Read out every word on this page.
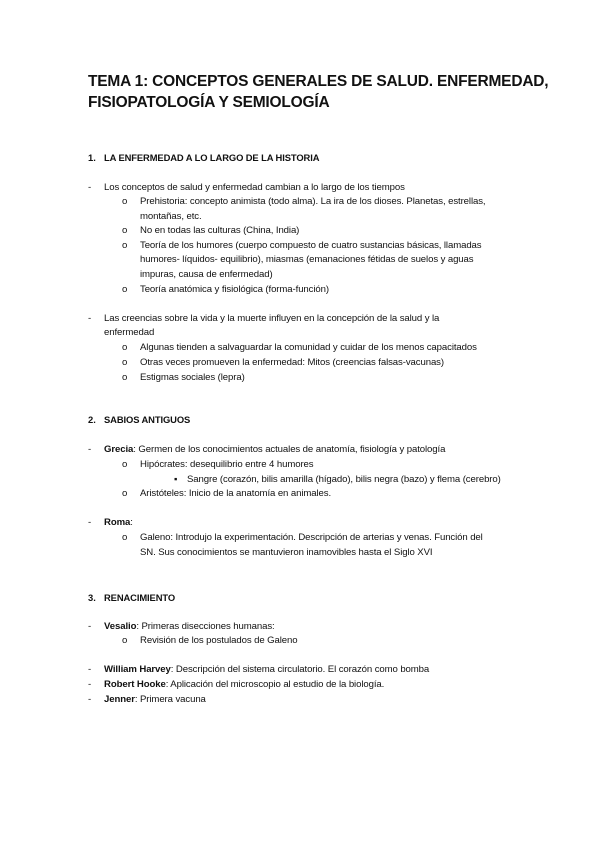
TEMA 1: CONCEPTOS GENERALES DE SALUD. ENFERMEDAD,
FISIOPATOLOGÍA Y SEMIOLOGÍA
1. LA ENFERMEDAD A LO LARGO DE LA HISTORIA
- Los conceptos de salud y enfermedad cambian a lo largo de los tiempos
o Prehistoria: concepto animista (todo alma). La ira de los dioses. Planetas, estrellas,
montañas, etc.
o No en todas las culturas (China, India)
o Teoría de los humores (cuerpo compuesto de cuatro sustancias básicas, llamadas
humores- líquidos- equilibrio), miasmas (emanaciones fétidas de suelos y aguas
impuras, causa de enfermedad)
o Teoría anatómica y fisiológica (forma-función)
- Las creencias sobre la vida y la muerte influyen en la concepción de la salud y la
enfermedad
o Algunas tienden a salvaguardar la comunidad y cuidar de los menos capacitados
o Otras veces promueven la enfermedad: Mitos (creencias falsas-vacunas)
o Estigmas sociales (lepra)
2. SABIOS ANTIGUOS
- Grecia: Germen de los conocimientos actuales de anatomía, fisiología y patología
o Hipócrates: desequilibrio entre 4 humores
▪ Sangre (corazón, bilis amarilla (hígado), bilis negra (bazo) y flema (cerebro)
o Aristóteles: Inicio de la anatomía en animales.
- Roma:
o Galeno: Introdujo la experimentación. Descripción de arterias y venas. Función del
SN. Sus conocimientos se mantuvieron inamovibles hasta el Siglo XVI
3. RENACIMIENTO
- Vesalio: Primeras disecciones humanas:
o Revisión de los postulados de Galeno
- William Harvey: Descripción del sistema circulatorio. El corazón como bomba
- Robert Hooke: Aplicación del microscopio al estudio de la biología.
- Jenner: Primera vacuna
